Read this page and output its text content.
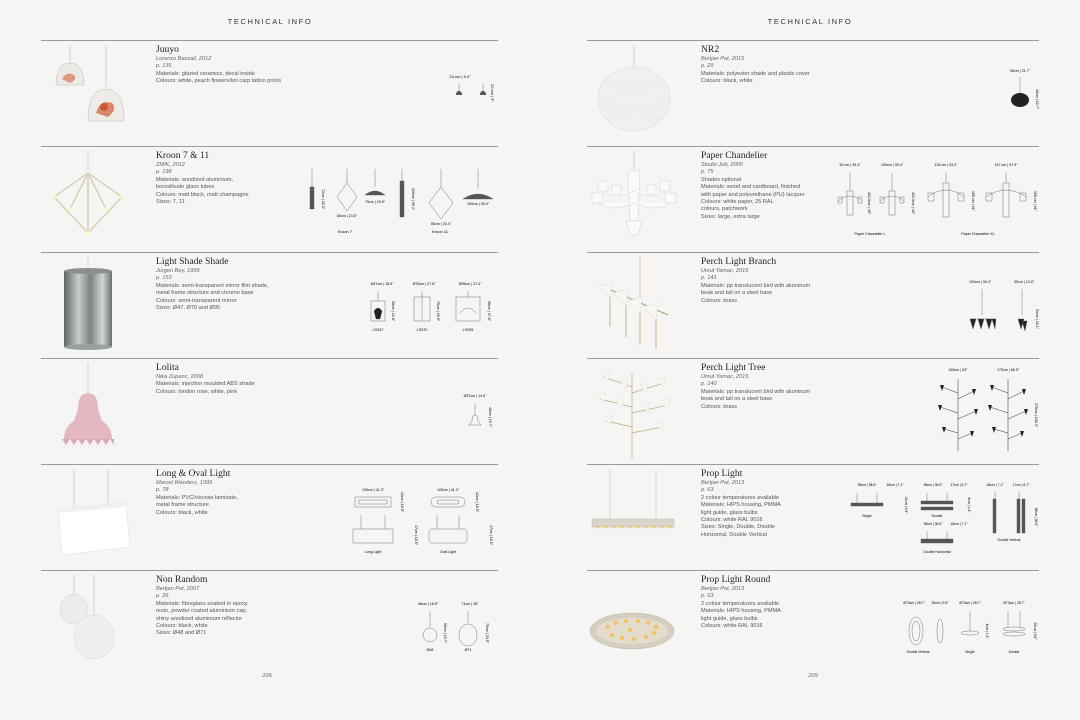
TECHNICAL INFO
Juuyo
Lorenzo Bazzali, 2012
p. 135
Materials: glazed ceramics, decal inside
Colours: white, peach flowers/koi carp tattoo prints
24 cm | 9.4"
23 cm | 9"
Kroon 7 & 11
ZMIK, 2012
p. 198
Materials: anodized aluminium,
borosilicate glass tubes
Colours: matt black, matt champagne
Sizes: 7, 11	72cm | 28.3"
60cm | 23.6"
75cm | 29.5"	100cm | 39.4"
85cm | 33.4"
100cm | 39.4"
Kroon 7	Kroon 11
Light Shade Shade
Jurgen Bey, 1999
p. 153
Materials: semi-transparent mirror film shade,
metal frame structure and chrome base
Colours: semi-transparent mirror
Sizes: Ø47, Ø70 and Ø95
Ø47cm | 18.5"	Ø70cm | 27.6"	Ø95cm | 37.4"
58cm | 22.8"	76cm | 29.9"	96cm | 37.8"
LSS47	LSS70	LSS95
Lolita
Nika Zupanc, 2008
Materials: injection moulded ABS shade
Colours: london rose, white, pink
Ø37cm | 14.6"
40cm | 15.7"
Long & Oval Light
Marcel Wanders, 1999
p. 78
Materials: PVC/viscose laminate,
metal frame structure
Colours: black, white
105cm | 41.3"	105cm | 41.3"
42cm | 16.5"	42cm | 16.5"
47cm | 18.5"	47cm | 18.5"
Long Light	Oval Light
Non Random
Bertjan Pot, 2007
p. 26
Materials: fibreglass soaked in epoxy
resin, powder coated aluminium cap,
shiny anodized aluminium reflector
Colours: black, white
Sizes: Ø48 and Ø71
48cm | 18.9"	71cm | 28"
50cm | 19.7"	75cm | 29.5"
Ø48	Ø71
208
TECHNICAL INFO
NR2
Bertjan Pot, 2015
p. 29
Materials: polyester shade and plastic cover
Colours: black, white
55cm | 21.7"
40cm | 15.7"
Paper Chandelier
Studio Job, 2005
p. 75
Shades optional
Materials: wood and cardboard, finished
with paper and polyurethane (PU) lacquer
Colours: white paper, 25 RAL
colours, patchwork
Sizes: large, extra large
90 cm | 35.4"	100cm | 39.4"	135 cm | 53.2"	147 cm | 57.9"
101.5cm | 40"	101.5cm | 40"	155 cm | 61"	155 cm | 61"
Paper Chandelier L	Paper Chandelier XL
Perch Light Branch
Umut Yamac, 2015
p. 141
Materials: pp translucent bird with aluminum
beak and tail on a steel base
Colours: brass
100cm | 39.4"	35cm | 13.8"
51cm | 20.1"
Perch Light Tree
Umut Yamac, 2015
p. 140
Materials: pp translucent bird with aluminum
beak and tail on a steel base
Colours: brass
160cm | 63"	170cm | 66.9"
270cm | 106.3"
Prop Light
Bertjan Pot, 2013
p. 63
2 colour temperatures available
Materials: HIPS housing, PMMA
light guide, glass bulbs
Colours: white RAL 9016
Sizes: Single, Double, Double
Horizontal, Double Vertical
98cm | 38.6"	18cm | 7.1"	98cm | 38.6" 17cm | 6.7"	18cm | 7.1"	17cm | 6.7"
98cm | 38.6" 18cm | 7.1"
15cm | 5.9"	4cm | 1.6"
98cm | 38.6"
Single	Double
Double Horizontal
Double Vertical
Prop Light Round
Bertjan Pot, 2013
p. 63
2 colour temperatures available
Materials: HIPS housing, PMMA
light guide, glass bulbs
Colours: white RAL 9016
Ø73cm | 28.7" 25cm | 9.8"	Ø73cm | 28.7"	Ø73cm | 28.7"
4cm | 1.6"	25cm | 9.8"
Double Vertical	Single	Double
209
